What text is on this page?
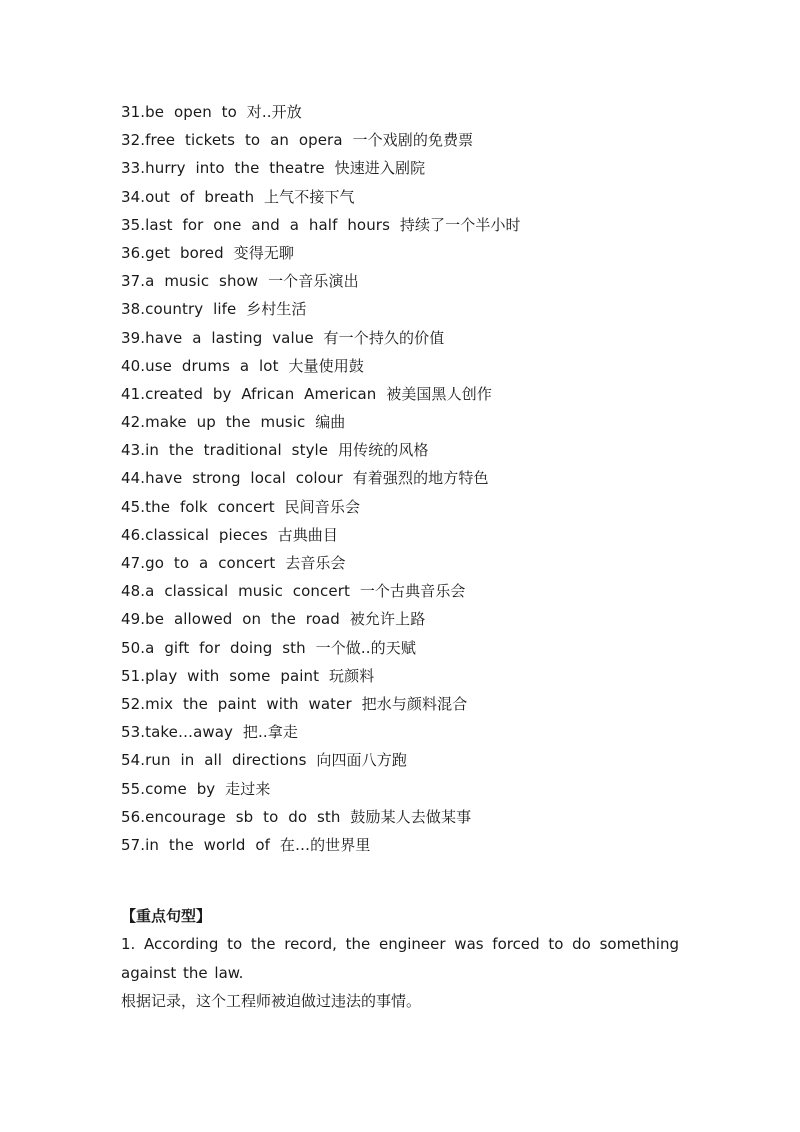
31.be open to 对..开放
32.free tickets to an opera 一个戏剧的免费票
33.hurry into the theatre 快速进入剧院
34.out of breath 上气不接下气
35.last for one and a half hours 持续了一个半小时
36.get bored 变得无聊
37.a music show 一个音乐演出
38.country life 乡村生活
39.have a lasting value 有一个持久的价值
40.use drums a lot 大量使用鼓
41.created by African American 被美国黑人创作
42.make up the music 编曲
43.in the traditional style 用传统的风格
44.have strong local colour 有着强烈的地方特色
45.the folk concert 民间音乐会
46.classical pieces 古典曲目
47.go to a concert 去音乐会
48.a classical music concert 一个古典音乐会
49.be allowed on the road 被允许上路
50.a gift for doing sth 一个做..的天赋
51.play with some paint 玩颜料
52.mix the paint with water 把水与颜料混合
53.take…away 把..拿走
54.run in all directions 向四面八方跑
55.come by 走过来
56.encourage sb to do sth 鼓励某人去做某事
57.in the world of 在…的世界里
【重点句型】

1. According to the record, the engineer was forced to do something against the law.

根据记录，这个工程师被迫做过违法的事情。
